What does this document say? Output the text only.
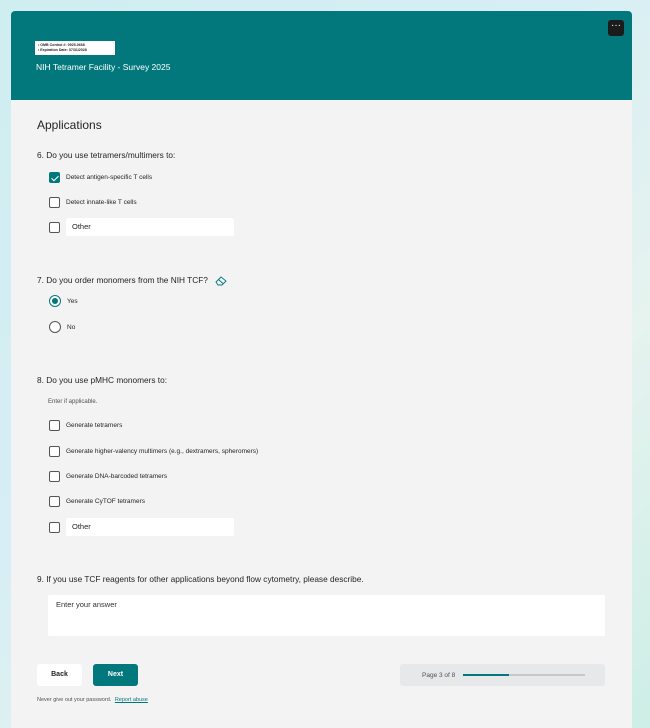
···
• OMB Control #: 0925-0668
• Expiration Date: 07/31/2028
NIH Tetramer Facility - Survey 2025
Applications
6. Do you use tetramers/multimers to:
Detect antigen-specific T cells
Detect innate-like T cells
Other
7. Do you order monomers from the NIH TCF?
Yes
No
8. Do you use pMHC monomers to:
Enter if applicable.
Generate tetramers
Generate higher-valency multimers (e.g., dextramers, spheromers)
Generate DNA-barcoded tetramers
Generate CyTOF tetramers
Other
9. If you use TCF reagents for other applications beyond flow cytometry, please describe.
Enter your answer
Back	Next	Page 3 of 8
Never give out your password. Report abuse
